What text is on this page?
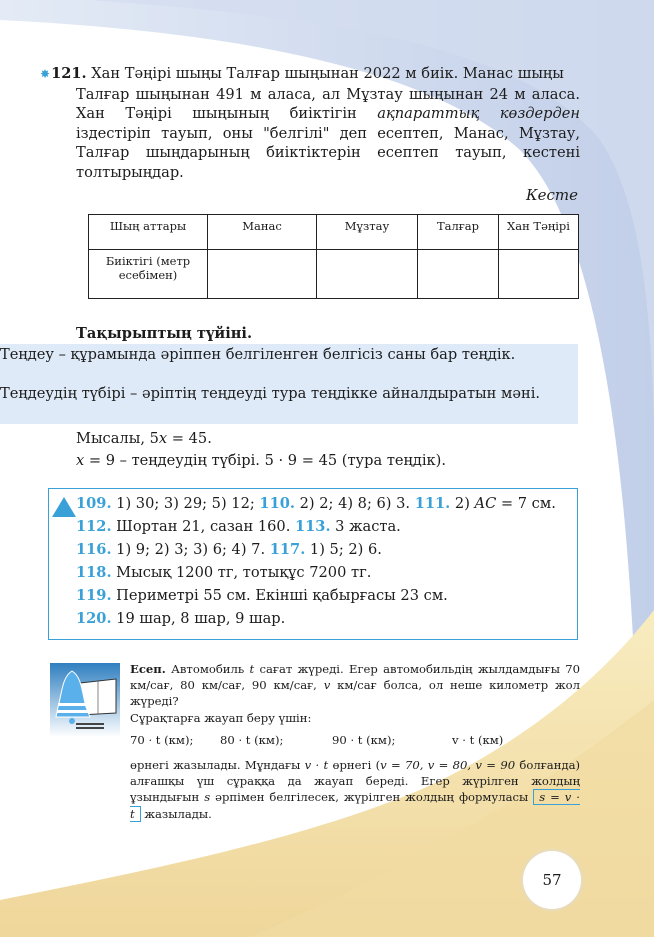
✸121. Хан Тәңірі шыңы Талғар шыңынан 2022 м биік. Манас шыңы
Талғар шыңынан 491 м аласа, ал Мұзтау шыңынан 24 м аласа. Хан Тәңірі шыңының биіктігін ақпараттық көздерден іздестіріп тауып, оны "белгілі" деп есептеп, Манас, Мұзтау, Талғар шыңдарының биіктіктерін есептеп тауып, кестені толтырыңдар.
Кесте
Шың аттары	Манас	Мұзтау	Талғар	Хан Тәңірі
Биіктігі (метр есебімен)				
Тақырыптың түйіні.
Теңдеу – құрамында әріппен белгіленген белгісіз саны бар теңдік.
Теңдеудің түбірі – әріптің теңдеуді тура теңдікке айналдыратын мәні.
Мысалы, 5x = 45.
x = 9 – теңдеудің түбірі. 5 · 9 = 45 (тура теңдік).
109. 1) 30; 3) 29; 5) 12; 110. 2) 2; 4) 8; 6) 3. 111. 2) AC = 7 см.
112. Шортан 21, сазан 160. 113. 3 жаста.
116. 1) 9; 2) 3; 3) 6; 4) 7. 117. 1) 5; 2) 6.
118. Мысық 1200 тг, тотықұс 7200 тг.
119. Периметрі 55 см. Екінші қабырғасы 23 см.
120. 19 шар, 8 шар, 9 шар.
Есеп. Автомобиль t сағат жүреді. Егер автомобильдің жылдамдығы 70 км/сағ, 80 км/сағ, 90 км/сағ, v км/сағ болса, ол неше километр жол жүреді?
Сұрақтарға жауап беру үшін:
70 · t (км); 80 · t (км);	90 · t (км);	v · t (км)
өрнегі жазылады. Мұндағы v · t өрнегі (v = 70, v = 80, v = 90 болғанда) алғашқы үш сұраққа да жауап береді. Егер жүрілген жолдың ұзындығын s әрпімен белгілесек, жүрілген жолдың формуласы s = v · t жазылады.
57
